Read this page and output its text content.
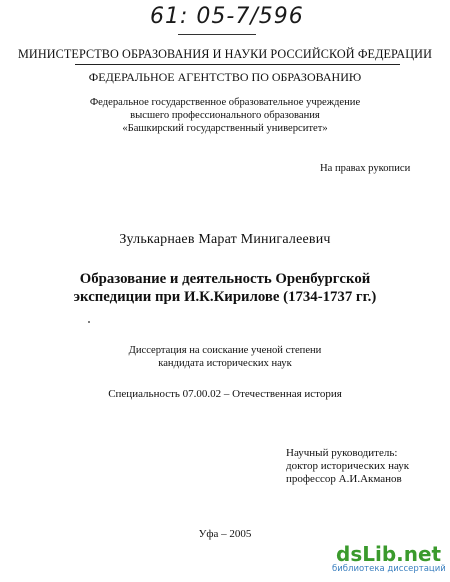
61: 05-7/596
МИНИСТЕРСТВО ОБРАЗОВАНИЯ И НАУКИ РОССИЙСКОЙ ФЕДЕРАЦИИ
ФЕДЕРАЛЬНОЕ АГЕНТСТВО ПО ОБРАЗОВАНИЮ
Федеральное государственное образовательное учреждение
высшего профессионального образования
«Башкирский государственный университет»
На правах рукописи
Зулькарнаев Марат Минигалеевич
Образование и деятельность Оренбургской
экспедиции при И.К.Кирилове (1734-1737 гг.)
Диссертация на соискание ученой степени
кандидата исторических наук
Специальность 07.00.02 – Отечественная история
Научный руководитель:
доктор исторических наук
профессор А.И.Акманов
Уфа – 2005
dsLib.net
библиотека диссертаций
